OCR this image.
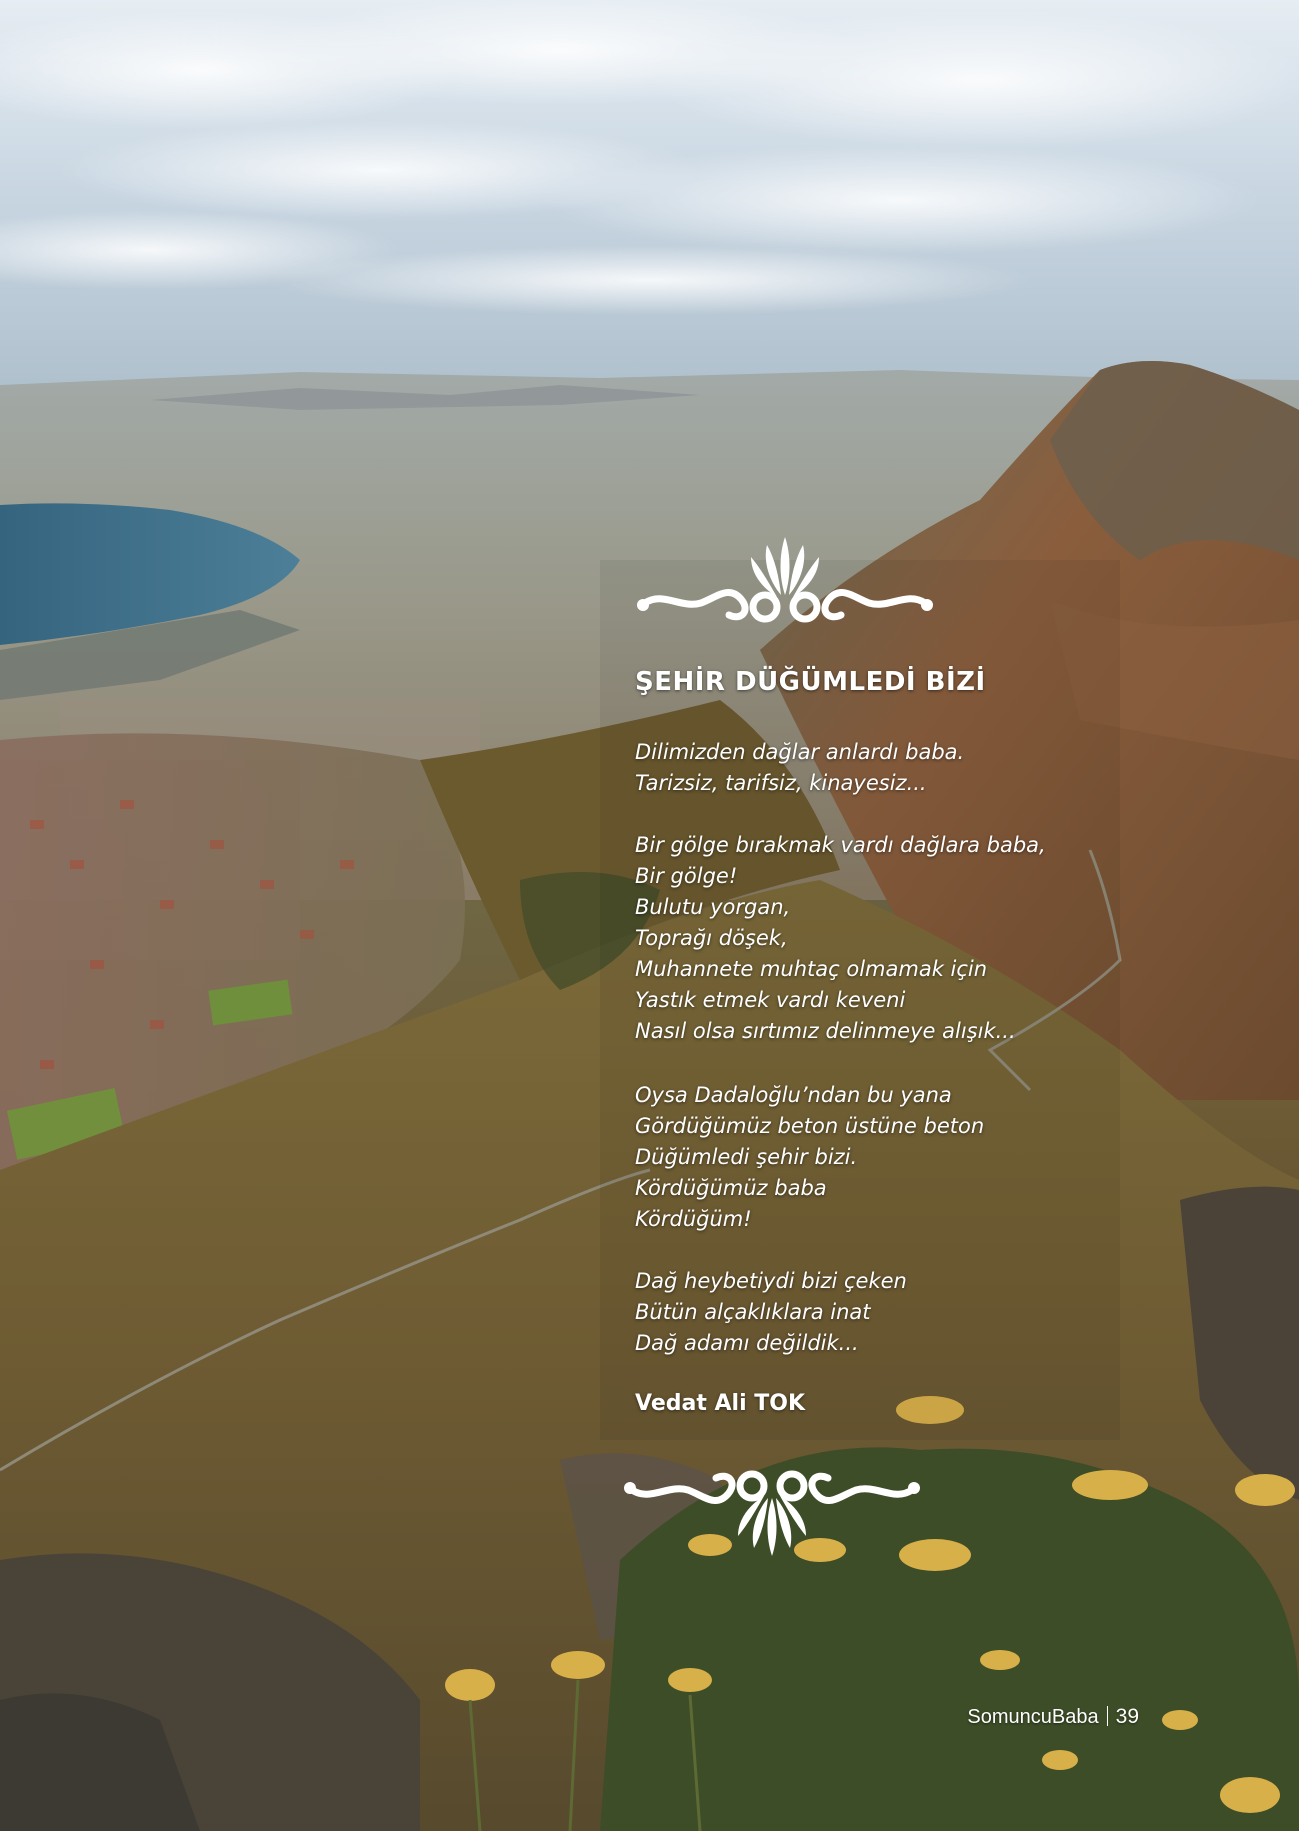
ŞEHİR DÜĞÜMLEDİ BİZİ
Dilimizden dağlar anlardı baba.
Tarizsiz, tarifsiz, kinayesiz...
Bir gölge bırakmak vardı dağlara baba,
Bir gölge!
Bulutu yorgan,
Toprağı döşek,
Muhannete muhtaç olmamak için
Yastık etmek vardı keveni
Nasıl olsa sırtımız delinmeye alışık...
Oysa Dadaloğlu’ndan bu yana
Gördüğümüz beton üstüne beton
Düğümledi şehir bizi.
Kördüğümüz baba
Kördüğüm!
Dağ heybetiydi bizi çeken
Bütün alçaklıklara inat
Dağ adamı değildik...
Vedat Ali TOK
SomuncuBaba 39
